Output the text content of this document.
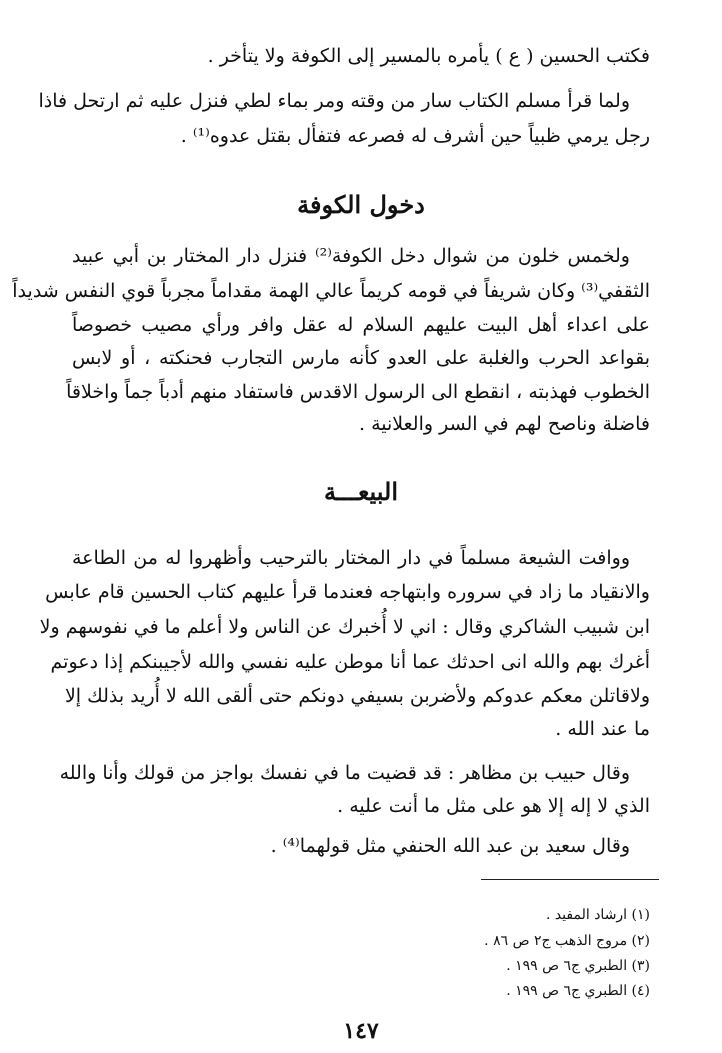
فكتب الحسين ( ع ) يأمره بالمسير إلى الكوفة ولا يتأخر .
ولما قرأ مسلم الكتاب سار من وقته ومر بماء لطي فنزل عليه ثم ارتحل فاذا
رجل يرمي ظبياً حين أشرف له فصرعه فتفأل بقتل عدوه⁽¹⁾ .
دخول الكوفة
ولخمس خلون من شوال دخل الكوفة⁽²⁾ فنزل دار المختار بن أبي عبيد
الثقفي⁽³⁾ وكان شريفاً في قومه كريماً عالي الهمة مقداماً مجرباً قوي النفس شديداً
على اعداء أهل البيت عليهم السلام له عقل وافر ورأي مصيب خصوصاً
بقواعد الحرب والغلبة على العدو كأنه مارس التجارب فحنكته ، أو لابس
الخطوب فهذبته ، انقطع الى الرسول الاقدس فاستفاد منهم أدباً جماً واخلاقاً
فاضلة وناصح لهم في السر والعلانية .
البيعـــة
ووافت الشيعة مسلماً في دار المختار بالترحيب وأظهروا له من الطاعة
والانقياد ما زاد في سروره وابتهاجه فعندما قرأ عليهم كتاب الحسين قام عابس
ابن شبيب الشاكري وقال : اني لا أُخبرك عن الناس ولا أعلم ما في نفوسهم ولا
أغرك بهم والله انى احدثك عما أنا موطن عليه نفسي والله لأجيبنكم إذا دعوتم
ولاقاتلن معكم عدوكم ولأضربن بسيفي دونكم حتى ألقى الله لا أُريد بذلك إلا
ما عند الله .
وقال حبيب بن مظاهر : قد قضيت ما في نفسك بواجز من قولك وأنا والله
الذي لا إله إلا هو على مثل ما أنت عليه .
وقال سعيد بن عبد الله الحنفي مثل قولهما⁽⁴⁾ .
(١) ارشاد المفيد .
(٢) مروج الذهب ج٢ ص ٨٦ .
(٣) الطبري ج٦ ص ١٩٩ .
(٤) الطبري ج٦ ص ١٩٩ .
١٤٧
